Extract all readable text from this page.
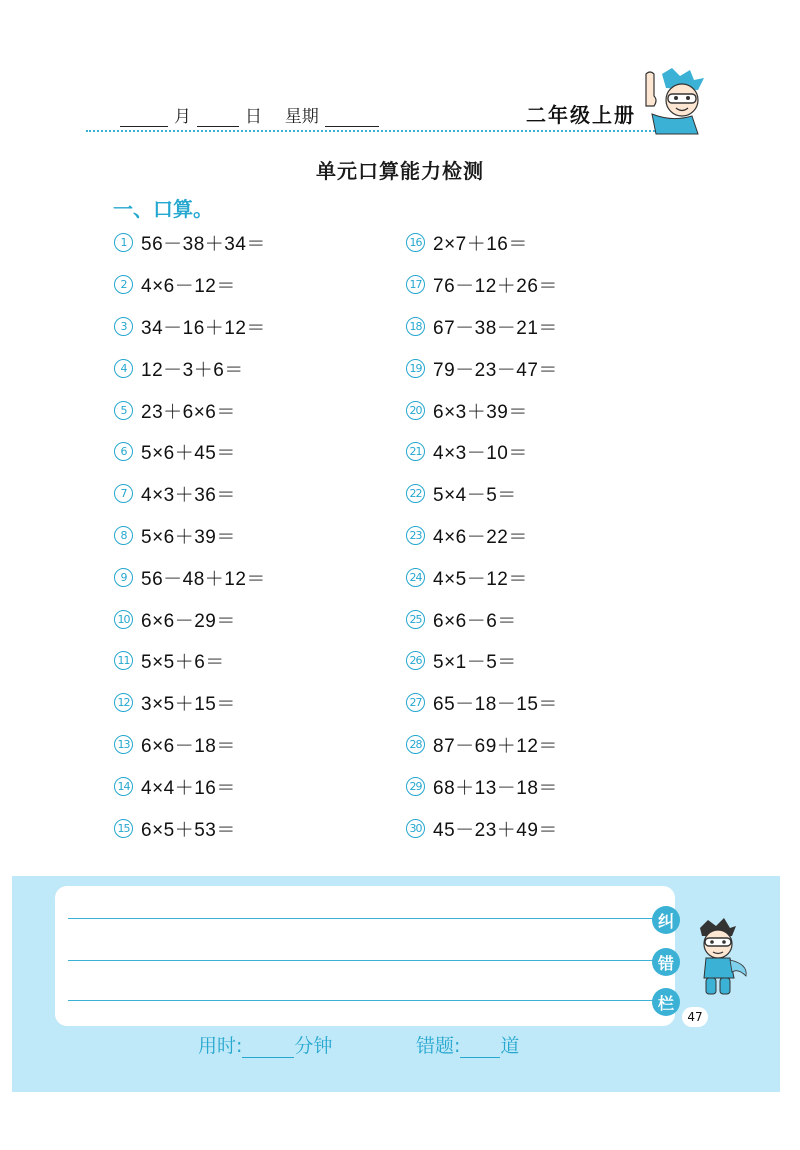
月	日 星期	二年级上册
单元口算能力检测
一、口算。
1 56－38＋34＝
2 4×6－12＝
3 34－16＋12＝
4 12－3＋6＝
5 23＋6×6＝
6 5×6＋45＝
7 4×3＋36＝
8 5×6＋39＝
9 56－48＋12＝
10 6×6－29＝
11 5×5＋6＝
12 3×5＋15＝
13 6×6－18＝
14 4×4＋16＝
15 6×5＋53＝
16 2×7＋16＝
17 76－12＋26＝
18 67－38－21＝
19 79－23－47＝
20 6×3＋39＝
21 4×3－10＝
22 5×4－5＝
23 4×6－22＝
24 4×5－12＝
25 6×6－6＝
26 5×1－5＝
27 65－18－15＝
28 87－69＋12＝
29 68＋13－18＝
30 45－23＋49＝
纠
错
栏
47
用时:	分钟	错题: 道
